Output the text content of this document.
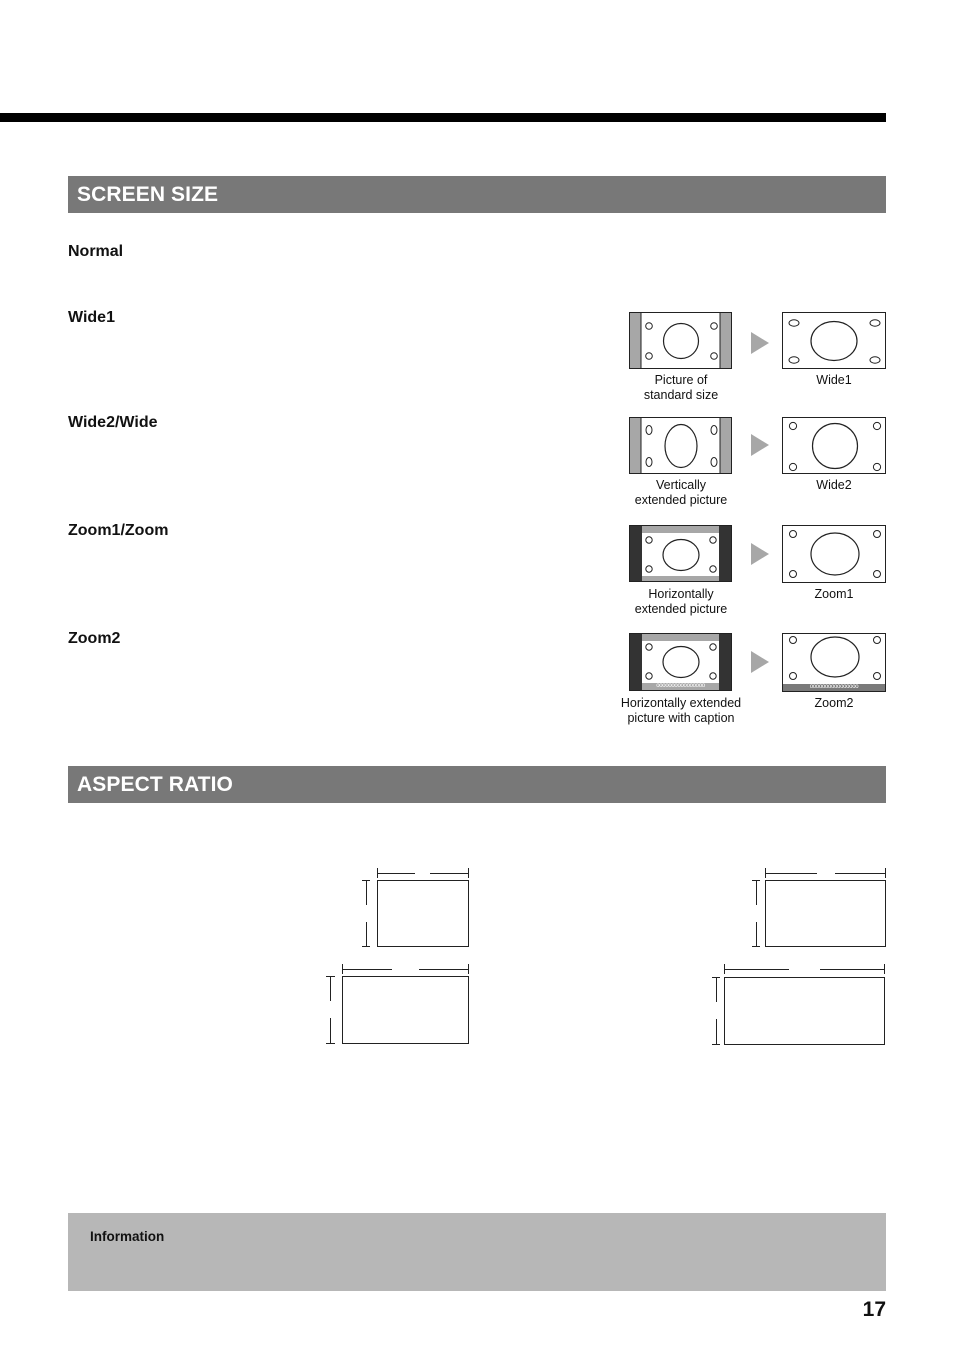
SCREEN SIZE
Normal
Wide1
Wide2/Wide
Zoom1/Zoom
Zoom2
Picture of
standard size
Wide1
Vertically
extended picture
Wide2
Horizontally
extended picture
Zoom1
oooooooooooooooo	oooooooooooooooo
Horizontally extended
picture with caption
Zoom2
ASPECT RATIO
Information
17
